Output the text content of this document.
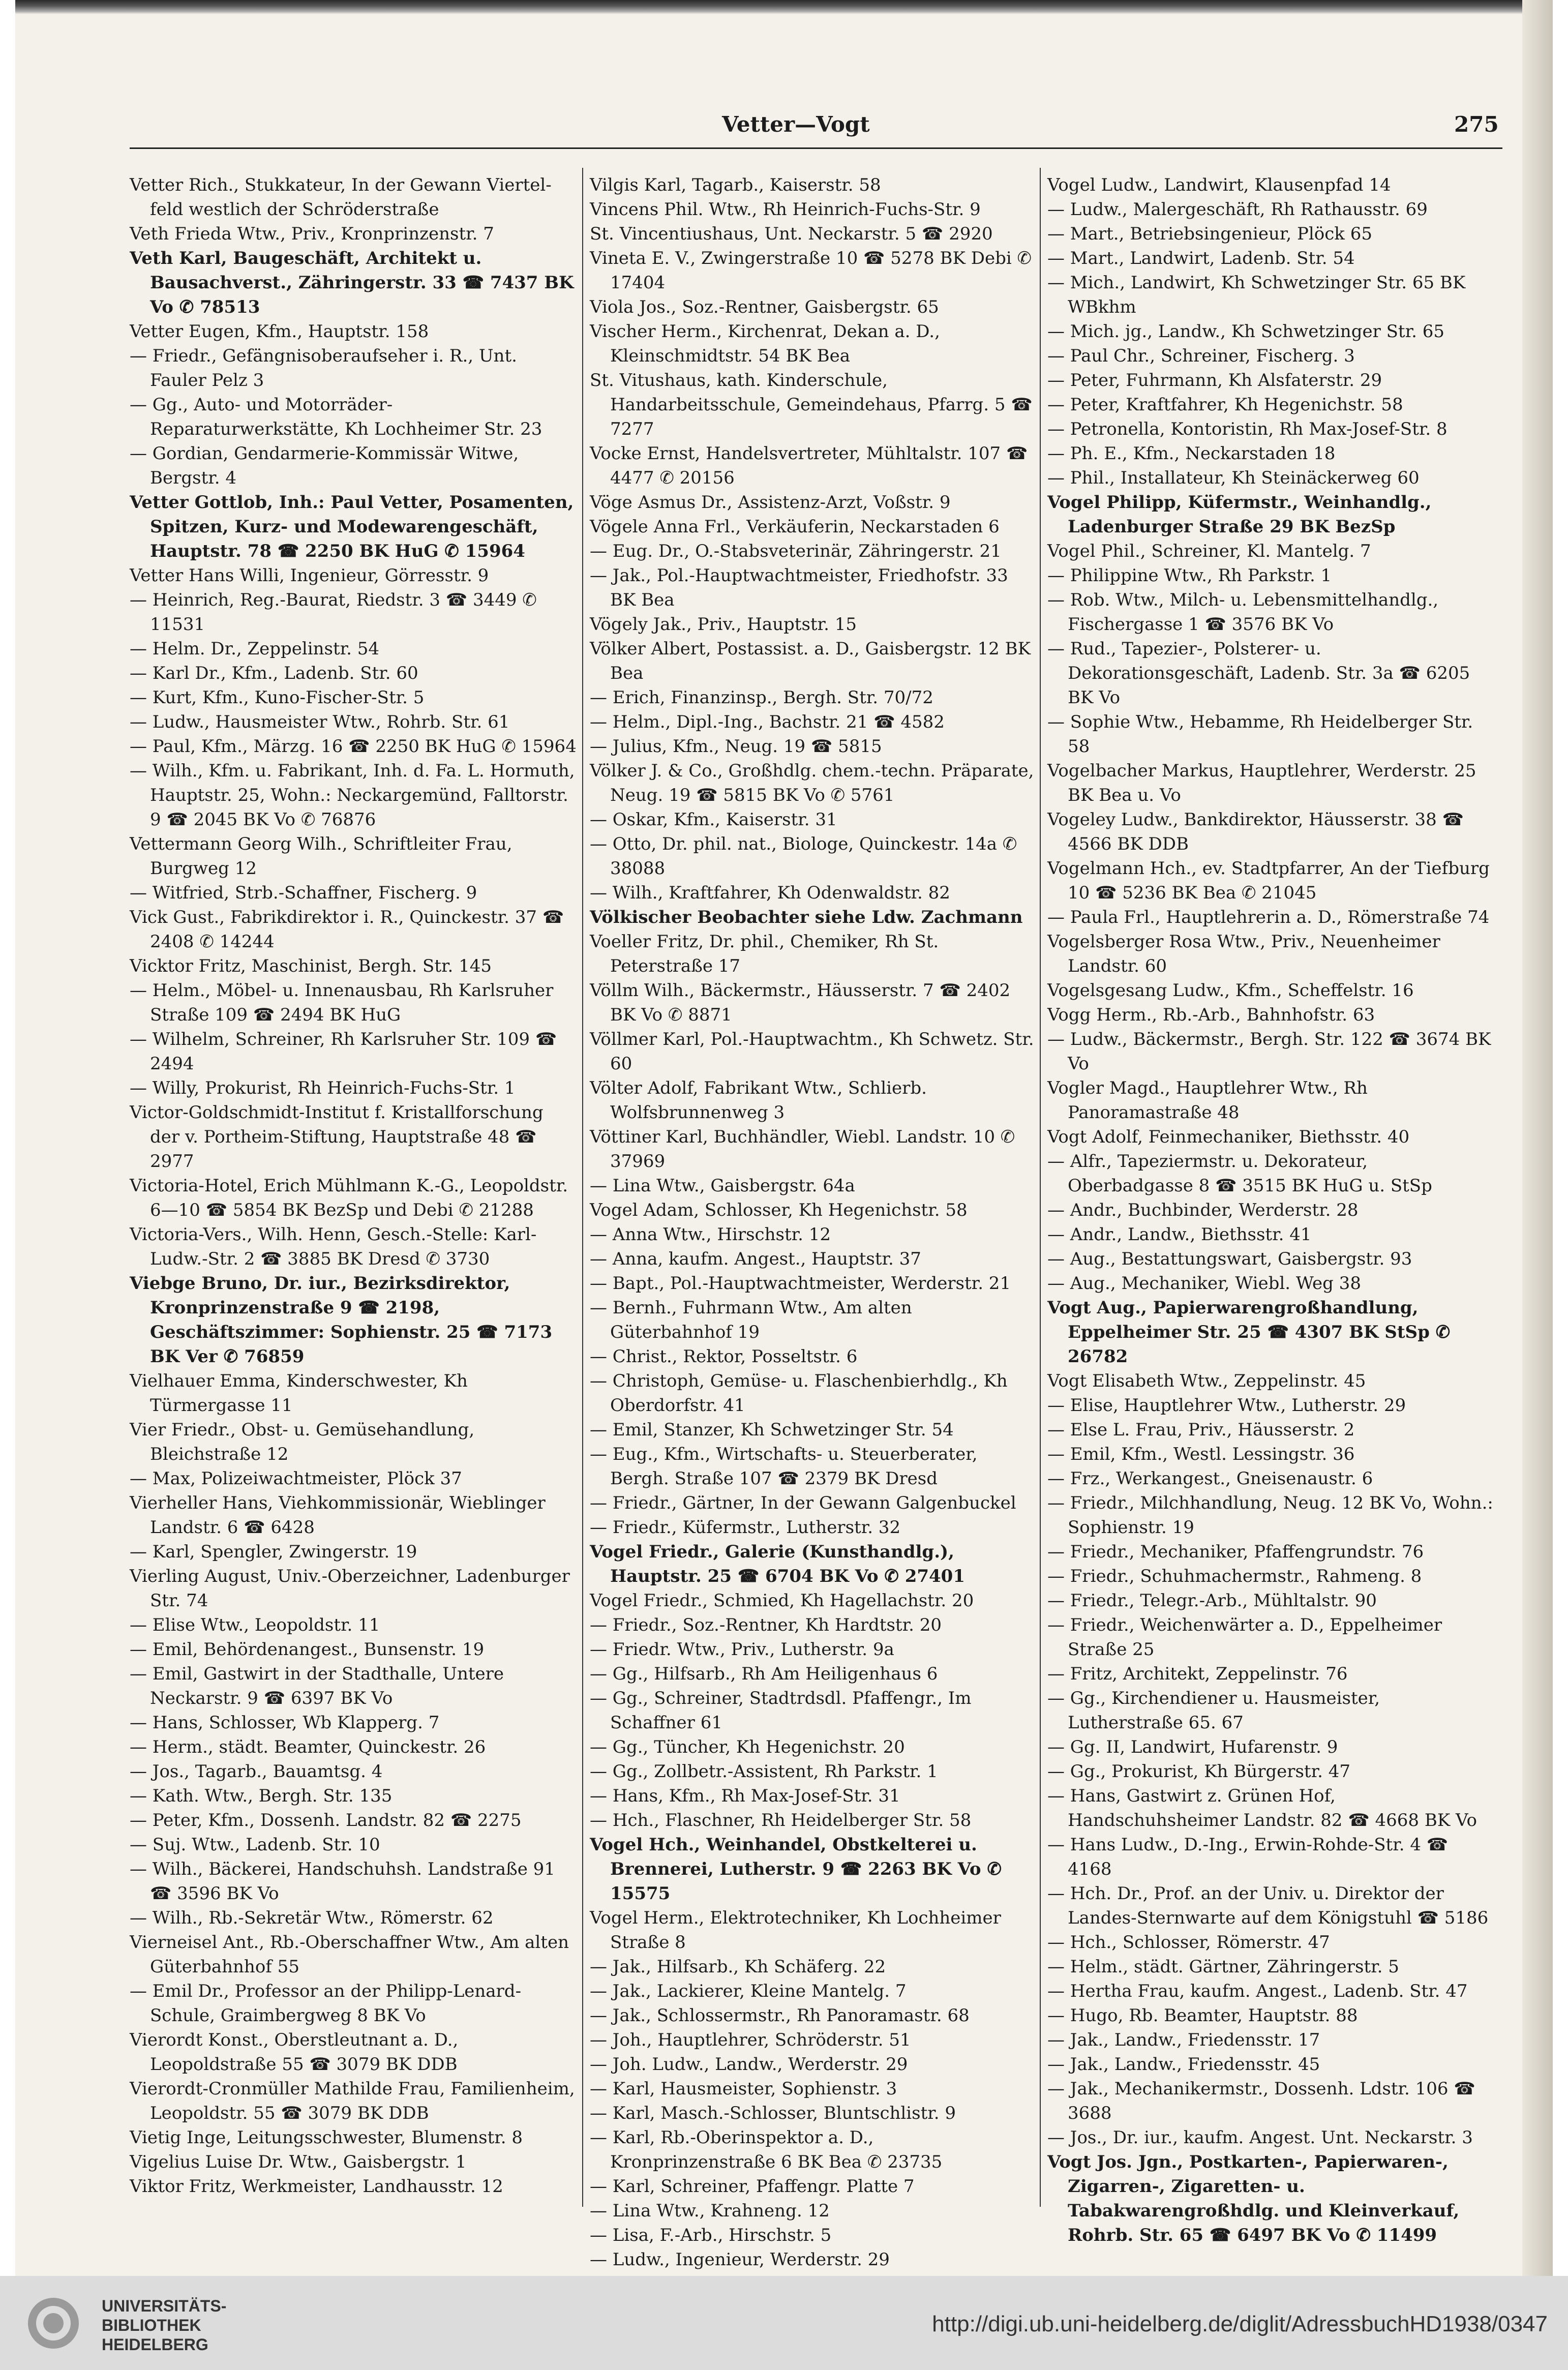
Vetter—Vogt	275

Vetter Rich., Stukkateur, In der Gewann Viertel-feld westlich der Schröderstraße

Veth Frieda Wtw., Priv., Kronprinzenstr. 7

Veth Karl, Baugeschäft, Architekt u. Bausachverst., Zähringerstr. 33 ☎ 7437 BK Vo ✆ 78513

Vetter Eugen, Kfm., Hauptstr. 158

— Friedr., Gefängnisoberaufseher i. R., Unt. Fauler Pelz 3

— Gg., Auto- und Motorräder-Reparaturwerkstätte, Kh Lochheimer Str. 23

— Gordian, Gendarmerie-Kommissär Witwe, Bergstr. 4

Vetter Gottlob, Inh.: Paul Vetter, Posamenten, Spitzen, Kurz- und Modewarengeschäft, Hauptstr. 78 ☎ 2250 BK HuG ✆ 15964

Vetter Hans Willi, Ingenieur, Görresstr. 9

— Heinrich, Reg.-Baurat, Riedstr. 3 ☎ 3449 ✆ 11531

— Helm. Dr., Zeppelinstr. 54

— Karl Dr., Kfm., Ladenb. Str. 60

— Kurt, Kfm., Kuno-Fischer-Str. 5

— Ludw., Hausmeister Wtw., Rohrb. Str. 61

— Paul, Kfm., Märzg. 16 ☎ 2250 BK HuG ✆ 15964

— Wilh., Kfm. u. Fabrikant, Inh. d. Fa. L. Hormuth, Hauptstr. 25, Wohn.: Neckargemünd, Falltorstr. 9 ☎ 2045 BK Vo ✆ 76876

Vettermann Georg Wilh., Schriftleiter Frau, Burgweg 12

— Witfried, Strb.-Schaffner, Fischerg. 9

Vick Gust., Fabrikdirektor i. R., Quinckestr. 37 ☎ 2408 ✆ 14244

Vicktor Fritz, Maschinist, Bergh. Str. 145

— Helm., Möbel- u. Innenausbau, Rh Karlsruher Straße 109 ☎ 2494 BK HuG

— Wilhelm, Schreiner, Rh Karlsruher Str. 109 ☎ 2494

— Willy, Prokurist, Rh Heinrich-Fuchs-Str. 1

Victor-Goldschmidt-Institut f. Kristallforschung der v. Portheim-Stiftung, Hauptstraße 48 ☎ 2977

Victoria-Hotel, Erich Mühlmann K.-G., Leopoldstr. 6—10 ☎ 5854 BK BezSp und Debi ✆ 21288

Victoria-Vers., Wilh. Henn, Gesch.-Stelle: Karl-Ludw.-Str. 2 ☎ 3885 BK Dresd ✆ 3730

Viebge Bruno, Dr. iur., Bezirksdirektor, Kronprinzenstraße 9 ☎ 2198, Geschäftszimmer: Sophienstr. 25 ☎ 7173 BK Ver ✆ 76859

Vielhauer Emma, Kinderschwester, Kh Türmergasse 11

Vier Friedr., Obst- u. Gemüsehandlung, Bleichstraße 12

— Max, Polizeiwachtmeister, Plöck 37

Vierheller Hans, Viehkommissionär, Wieblinger Landstr. 6 ☎ 6428

— Karl, Spengler, Zwingerstr. 19

Vierling August, Univ.-Oberzeichner, Ladenburger Str. 74

— Elise Wtw., Leopoldstr. 11

— Emil, Behördenangest., Bunsenstr. 19

— Emil, Gastwirt in der Stadthalle, Untere Neckarstr. 9 ☎ 6397 BK Vo

— Hans, Schlosser, Wb Klapperg. 7

— Herm., städt. Beamter, Quinckestr. 26

— Jos., Tagarb., Bauamtsg. 4

— Kath. Wtw., Bergh. Str. 135

— Peter, Kfm., Dossenh. Landstr. 82 ☎ 2275

— Suj. Wtw., Ladenb. Str. 10

— Wilh., Bäckerei, Handschuhsh. Landstraße 91 ☎ 3596 BK Vo

— Wilh., Rb.-Sekretär Wtw., Römerstr. 62

Vierneisel Ant., Rb.-Oberschaffner Wtw., Am alten Güterbahnhof 55

— Emil Dr., Professor an der Philipp-Lenard-Schule, Graimbergweg 8 BK Vo

Vierordt Konst., Oberstleutnant a. D., Leopoldstraße 55 ☎ 3079 BK DDB

Vierordt-Cronmüller Mathilde Frau, Familienheim, Leopoldstr. 55 ☎ 3079 BK DDB

Vietig Inge, Leitungsschwester, Blumenstr. 8

Vigelius Luise Dr. Wtw., Gaisbergstr. 1

Viktor Fritz, Werkmeister, Landhausstr. 12

Vilgis Karl, Tagarb., Kaiserstr. 58

Vincens Phil. Wtw., Rh Heinrich-Fuchs-Str. 9

St. Vincentiushaus, Unt. Neckarstr. 5 ☎ 2920

Vineta E. V., Zwingerstraße 10 ☎ 5278 BK Debi ✆ 17404

Viola Jos., Soz.-Rentner, Gaisbergstr. 65

Vischer Herm., Kirchenrat, Dekan a. D., Kleinschmidtstr. 54 BK Bea

St. Vitushaus, kath. Kinderschule, Handarbeitsschule, Gemeindehaus, Pfarrg. 5 ☎ 7277

Vocke Ernst, Handelsvertreter, Mühltalstr. 107 ☎ 4477 ✆ 20156

Vöge Asmus Dr., Assistenz-Arzt, Voßstr. 9

Vögele Anna Frl., Verkäuferin, Neckarstaden 6

— Eug. Dr., O.-Stabsveterinär, Zähringerstr. 21

— Jak., Pol.-Hauptwachtmeister, Friedhofstr. 33 BK Bea

Vögely Jak., Priv., Hauptstr. 15

Völker Albert, Postassist. a. D., Gaisbergstr. 12 BK Bea

— Erich, Finanzinsp., Bergh. Str. 70/72

— Helm., Dipl.-Ing., Bachstr. 21 ☎ 4582

— Julius, Kfm., Neug. 19 ☎ 5815

Völker J. & Co., Großhdlg. chem.-techn. Präparate, Neug. 19 ☎ 5815 BK Vo ✆ 5761

— Oskar, Kfm., Kaiserstr. 31

— Otto, Dr. phil. nat., Biologe, Quinckestr. 14a ✆ 38088

— Wilh., Kraftfahrer, Kh Odenwaldstr. 82

Völkischer Beobachter siehe Ldw. Zachmann

Voeller Fritz, Dr. phil., Chemiker, Rh St. Peterstraße 17

Völlm Wilh., Bäckermstr., Häusserstr. 7 ☎ 2402 BK Vo ✆ 8871

Völlmer Karl, Pol.-Hauptwachtm., Kh Schwetz. Str. 60

Völter Adolf, Fabrikant Wtw., Schlierb. Wolfsbrunnenweg 3

Vöttiner Karl, Buchhändler, Wiebl. Landstr. 10 ✆ 37969

— Lina Wtw., Gaisbergstr. 64a

Vogel Adam, Schlosser, Kh Hegenichstr. 58

— Anna Wtw., Hirschstr. 12

— Anna, kaufm. Angest., Hauptstr. 37

— Bapt., Pol.-Hauptwachtmeister, Werderstr. 21

— Bernh., Fuhrmann Wtw., Am alten Güterbahnhof 19

— Christ., Rektor, Posseltstr. 6

— Christoph, Gemüse- u. Flaschenbierhdlg., Kh Oberdorfstr. 41

— Emil, Stanzer, Kh Schwetzinger Str. 54

— Eug., Kfm., Wirtschafts- u. Steuerberater, Bergh. Straße 107 ☎ 2379 BK Dresd

— Friedr., Gärtner, In der Gewann Galgenbuckel

— Friedr., Küfermstr., Lutherstr. 32

Vogel Friedr., Galerie (Kunsthandlg.), Hauptstr. 25 ☎ 6704 BK Vo ✆ 27401

Vogel Friedr., Schmied, Kh Hagellachstr. 20

— Friedr., Soz.-Rentner, Kh Hardtstr. 20

— Friedr. Wtw., Priv., Lutherstr. 9a

— Gg., Hilfsarb., Rh Am Heiligenhaus 6

— Gg., Schreiner, Stadtrdsdl. Pfaffengr., Im Schaffner 61

— Gg., Tüncher, Kh Hegenichstr. 20

— Gg., Zollbetr.-Assistent, Rh Parkstr. 1

— Hans, Kfm., Rh Max-Josef-Str. 31

— Hch., Flaschner, Rh Heidelberger Str. 58

Vogel Hch., Weinhandel, Obstkelterei u. Brennerei, Lutherstr. 9 ☎ 2263 BK Vo ✆ 15575

Vogel Herm., Elektrotechniker, Kh Lochheimer Straße 8

— Jak., Hilfsarb., Kh Schäferg. 22

— Jak., Lackierer, Kleine Mantelg. 7

— Jak., Schlossermstr., Rh Panoramastr. 68

— Joh., Hauptlehrer, Schröderstr. 51

— Joh. Ludw., Landw., Werderstr. 29

— Karl, Hausmeister, Sophienstr. 3

— Karl, Masch.-Schlosser, Bluntschlistr. 9

— Karl, Rb.-Oberinspektor a. D., Kronprinzenstraße 6 BK Bea ✆ 23735

— Karl, Schreiner, Pfaffengr. Platte 7

— Lina Wtw., Krahneng. 12

— Lisa, F.-Arb., Hirschstr. 5

— Ludw., Ingenieur, Werderstr. 29

Vogel Ludw., Landwirt, Klausenpfad 14

— Ludw., Malergeschäft, Rh Rathausstr. 69

— Mart., Betriebsingenieur, Plöck 65

— Mart., Landwirt, Ladenb. Str. 54

— Mich., Landwirt, Kh Schwetzinger Str. 65 BK WBkhm

— Mich. jg., Landw., Kh Schwetzinger Str. 65

— Paul Chr., Schreiner, Fischerg. 3

— Peter, Fuhrmann, Kh Alsfaterstr. 29

— Peter, Kraftfahrer, Kh Hegenichstr. 58

— Petronella, Kontoristin, Rh Max-Josef-Str. 8

— Ph. E., Kfm., Neckarstaden 18

— Phil., Installateur, Kh Steinäckerweg 60

Vogel Philipp, Küfermstr., Weinhandlg., Ladenburger Straße 29 BK BezSp

Vogel Phil., Schreiner, Kl. Mantelg. 7

— Philippine Wtw., Rh Parkstr. 1

— Rob. Wtw., Milch- u. Lebensmittelhandlg., Fischergasse 1 ☎ 3576 BK Vo

— Rud., Tapezier-, Polsterer- u. Dekorationsgeschäft, Ladenb. Str. 3a ☎ 6205 BK Vo

— Sophie Wtw., Hebamme, Rh Heidelberger Str. 58

Vogelbacher Markus, Hauptlehrer, Werderstr. 25 BK Bea u. Vo

Vogeley Ludw., Bankdirektor, Häusserstr. 38 ☎ 4566 BK DDB

Vogelmann Hch., ev. Stadtpfarrer, An der Tiefburg 10 ☎ 5236 BK Bea ✆ 21045

— Paula Frl., Hauptlehrerin a. D., Römerstraße 74

Vogelsberger Rosa Wtw., Priv., Neuenheimer Landstr. 60

Vogelsgesang Ludw., Kfm., Scheffelstr. 16

Vogg Herm., Rb.-Arb., Bahnhofstr. 63

— Ludw., Bäckermstr., Bergh. Str. 122 ☎ 3674 BK Vo

Vogler Magd., Hauptlehrer Wtw., Rh Panoramastraße 48

Vogt Adolf, Feinmechaniker, Biethsstr. 40

— Alfr., Tapeziermstr. u. Dekorateur, Oberbadgasse 8 ☎ 3515 BK HuG u. StSp

— Andr., Buchbinder, Werderstr. 28

— Andr., Landw., Biethsstr. 41

— Aug., Bestattungswart, Gaisbergstr. 93

— Aug., Mechaniker, Wiebl. Weg 38

Vogt Aug., Papierwarengroßhandlung, Eppelheimer Str. 25 ☎ 4307 BK StSp ✆ 26782

Vogt Elisabeth Wtw., Zeppelinstr. 45

— Elise, Hauptlehrer Wtw., Lutherstr. 29

— Else L. Frau, Priv., Häusserstr. 2

— Emil, Kfm., Westl. Lessingstr. 36

— Frz., Werkangest., Gneisenaustr. 6

— Friedr., Milchhandlung, Neug. 12 BK Vo, Wohn.: Sophienstr. 19

— Friedr., Mechaniker, Pfaffengrundstr. 76

— Friedr., Schuhmachermstr., Rahmeng. 8

— Friedr., Telegr.-Arb., Mühltalstr. 90

— Friedr., Weichenwärter a. D., Eppelheimer Straße 25

— Fritz, Architekt, Zeppelinstr. 76

— Gg., Kirchendiener u. Hausmeister, Lutherstraße 65. 67

— Gg. II, Landwirt, Hufarenstr. 9

— Gg., Prokurist, Kh Bürgerstr. 47

— Hans, Gastwirt z. Grünen Hof, Handschuhsheimer Landstr. 82 ☎ 4668 BK Vo

— Hans Ludw., D.-Ing., Erwin-Rohde-Str. 4 ☎ 4168

— Hch. Dr., Prof. an der Univ. u. Direktor der Landes-Sternwarte auf dem Königstuhl ☎ 5186

— Hch., Schlosser, Römerstr. 47

— Helm., städt. Gärtner, Zähringerstr. 5

— Hertha Frau, kaufm. Angest., Ladenb. Str. 47

— Hugo, Rb. Beamter, Hauptstr. 88

— Jak., Landw., Friedensstr. 17

— Jak., Landw., Friedensstr. 45

— Jak., Mechanikermstr., Dossenh. Ldstr. 106 ☎ 3688

— Jos., Dr. iur., kaufm. Angest. Unt. Neckarstr. 3

Vogt Jos. Jgn., Postkarten-, Papierwaren-, Zigarren-, Zigaretten- u. Tabakwarengroßhdlg. und Kleinverkauf, Rohrb. Str. 65 ☎ 6497 BK Vo ✆ 11499

UNIVERSITÄTS-
BIBLIOTHEK
HEIDELBERG
http://digi.ub.uni-heidelberg.de/diglit/AdressbuchHD1938/0347
